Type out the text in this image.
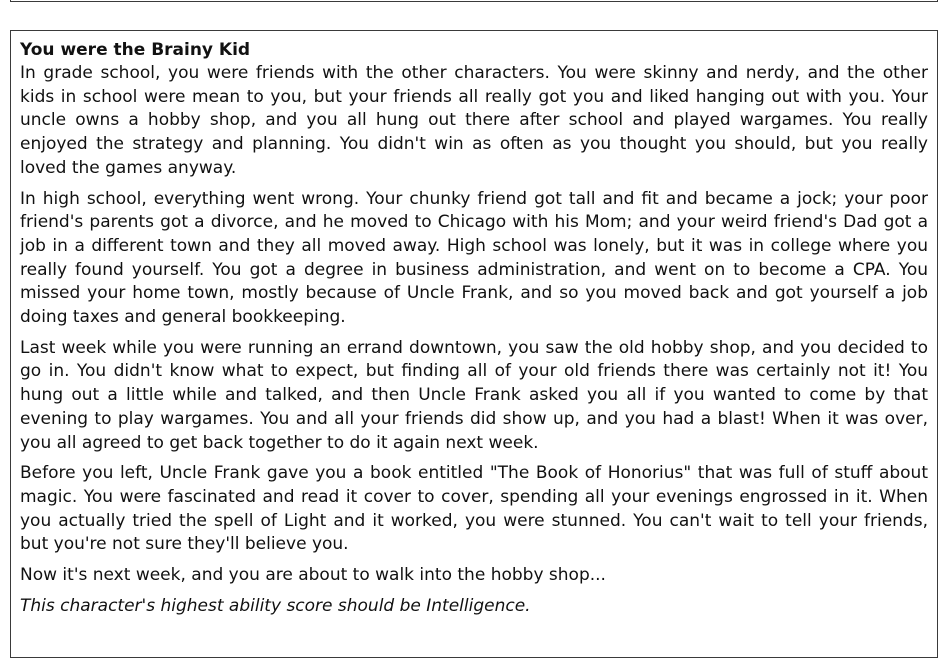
You were the Brainy Kid

In grade school, you were friends with the other characters. You were skinny and nerdy, and the other kids in school were mean to you, but your friends all really got you and liked hanging out with you. Your uncle owns a hobby shop, and you all hung out there after school and played wargames. You really enjoyed the strategy and planning. You didn't win as often as you thought you should, but you really loved the games anyway.

In high school, everything went wrong. Your chunky friend got tall and fit and became a jock; your poor friend's parents got a divorce, and he moved to Chicago with his Mom; and your weird friend's Dad got a job in a different town and they all moved away. High school was lonely, but it was in college where you really found yourself. You got a degree in business administration, and went on to become a CPA. You missed your home town, mostly because of Uncle Frank, and so you moved back and got yourself a job doing taxes and general bookkeeping.

Last week while you were running an errand downtown, you saw the old hobby shop, and you decided to go in. You didn't know what to expect, but finding all of your old friends there was certainly not it! You hung out a little while and talked, and then Uncle Frank asked you all if you wanted to come by that evening to play wargames. You and all your friends did show up, and you had a blast! When it was over, you all agreed to get back together to do it again next week.

Before you left, Uncle Frank gave you a book entitled "The Book of Honorius" that was full of stuff about magic. You were fascinated and read it cover to cover, spending all your evenings engrossed in it. When you actually tried the spell of Light and it worked, you were stunned. You can't wait to tell your friends, but you're not sure they'll believe you.

Now it's next week, and you are about to walk into the hobby shop...

This character's highest ability score should be Intelligence.
